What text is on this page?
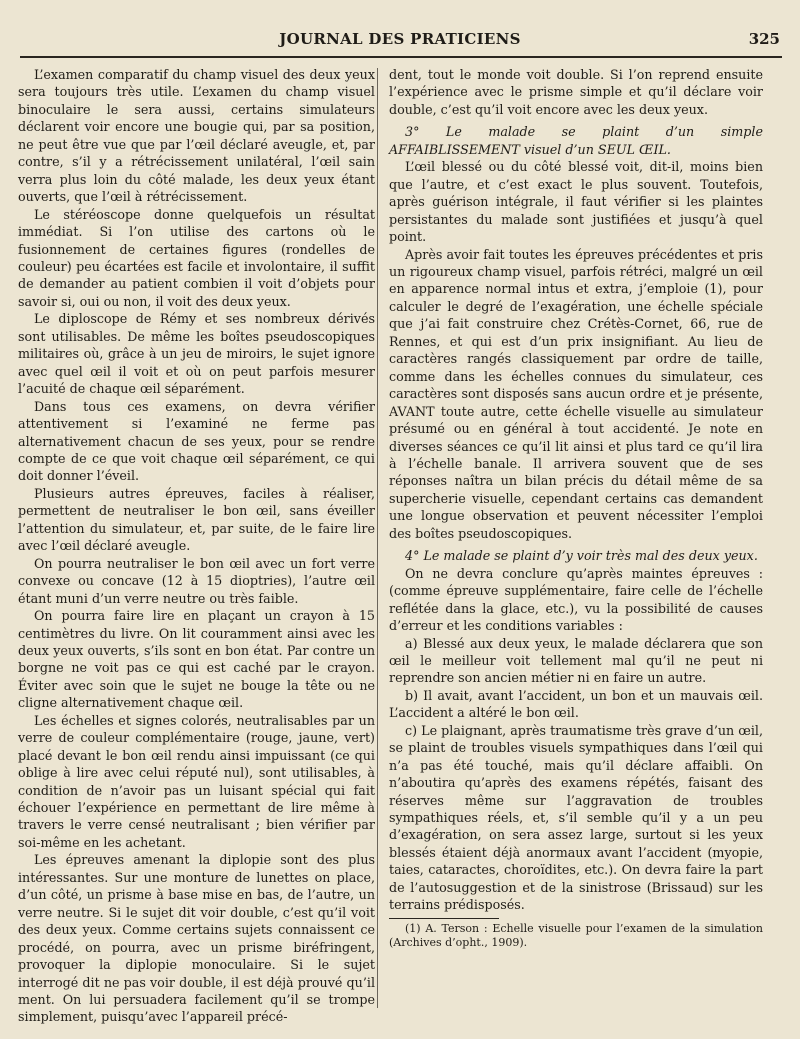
JOURNAL DES PRATICIENS	325

L’examen comparatif du champ visuel des deux yeux sera toujours très utile. L’examen du champ visuel binoculaire le sera aussi, certains simulateurs déclarent voir encore une bougie qui, par sa position, ne peut être vue que par l’œil déclaré aveugle, et, par contre, s’il y a rétrécissement unilatéral, l’œil sain verra plus loin du côté malade, les deux yeux étant ouverts, que l’œil à rétrécissement.

Le stéréoscope donne quelquefois un résultat immédiat. Si l’on utilise des cartons où le fusionnement de certaines figures (rondelles de couleur) peu écartées est facile et involontaire, il suffit de demander au patient combien il voit d’objets pour savoir si, oui ou non, il voit des deux yeux.

Le diploscope de Rémy et ses nombreux dérivés sont utilisables. De même les boîtes pseudoscopiques militaires où, grâce à un jeu de miroirs, le sujet ignore avec quel œil il voit et où on peut parfois mesurer l’acuité de chaque œil séparément.

Dans tous ces examens, on devra vérifier attentivement si l’examiné ne ferme pas alternativement chacun de ses yeux, pour se rendre compte de ce que voit chaque œil séparément, ce qui doit donner l’éveil.

Plusieurs autres épreuves, faciles à réaliser, permettent de neutraliser le bon œil, sans éveiller l’attention du simulateur, et, par suite, de le faire lire avec l’œil déclaré aveugle.

On pourra neutraliser le bon œil avec un fort verre convexe ou concave (12 à 15 dioptries), l’autre œil étant muni d’un verre neutre ou très faible.

On pourra faire lire en plaçant un crayon à 15 centimètres du livre. On lit couramment ainsi avec les deux yeux ouverts, s’ils sont en bon état. Par contre un borgne ne voit pas ce qui est caché par le crayon. Éviter avec soin que le sujet ne bouge la tête ou ne cligne alternativement chaque œil.

Les échelles et signes colorés, neutralisables par un verre de couleur complémentaire (rouge, jaune, vert) placé devant le bon œil rendu ainsi impuissant (ce qui oblige à lire avec celui réputé nul), sont utilisables, à condition de n’avoir pas un luisant spécial qui fait échouer l’expérience en permettant de lire même à travers le verre censé neutralisant ; bien vérifier par soi-même en les achetant.

Les épreuves amenant la diplopie sont des plus intéressantes. Sur une monture de lunettes on place, d’un côté, un prisme à base mise en bas, de l’autre, un verre neutre. Si le sujet dit voir double, c’est qu’il voit des deux yeux. Comme certains sujets connaissent ce procédé, on pourra, avec un prisme biréfringent, provoquer la diplopie monoculaire. Si le sujet interrogé dit ne pas voir double, il est déjà prouvé qu’il ment. On lui persuadera facilement qu’il se trompe simplement, puisqu’avec l’appareil précé-

dent, tout le monde voit double. Si l’on reprend ensuite l’expérience avec le prisme simple et qu’il déclare voir double, c’est qu’il voit encore avec les deux yeux.

3° Le malade se plaint d’un simple AFFAIBLISSEMENT visuel d’un SEUL ŒIL.

L’œil blessé ou du côté blessé voit, dit-il, moins bien que l’autre, et c’est exact le plus souvent. Toutefois, après guérison intégrale, il faut vérifier si les plaintes persistantes du malade sont justifiées et jusqu’à quel point.

Après avoir fait toutes les épreuves précédentes et pris un rigoureux champ visuel, parfois rétréci, malgré un œil en apparence normal intus et extra, j’emploie (1), pour calculer le degré de l’exagération, une échelle spéciale que j’ai fait construire chez Crétès-Cornet, 66, rue de Rennes, et qui est d’un prix insignifiant. Au lieu de caractères rangés classiquement par ordre de taille, comme dans les échelles connues du simulateur, ces caractères sont disposés sans aucun ordre et je présente, AVANT toute autre, cette échelle visuelle au simulateur présumé ou en général à tout accidenté. Je note en diverses séances ce qu’il lit ainsi et plus tard ce qu’il lira à l’échelle banale. Il arrivera souvent que de ses réponses naîtra un bilan précis du détail même de sa supercherie visuelle, cependant certains cas demandent une longue observation et peuvent nécessiter l’emploi des boîtes pseudoscopiques.

4° Le malade se plaint d’y voir très mal des deux yeux.

On ne devra conclure qu’après maintes épreuves : (comme épreuve supplémentaire, faire celle de l’échelle reflétée dans la glace, etc.), vu la possibilité de causes d’erreur et les conditions variables :

a) Blessé aux deux yeux, le malade déclarera que son œil le meilleur voit tellement mal qu’il ne peut ni reprendre son ancien métier ni en faire un autre.

b) Il avait, avant l’accident, un bon et un mauvais œil. L’accident a altéré le bon œil.

c) Le plaignant, après traumatisme très grave d’un œil, se plaint de troubles visuels sympathiques dans l’œil qui n’a pas été touché, mais qu’il déclare affaibli. On n’aboutira qu’après des examens répétés, faisant des réserves même sur l’aggravation de troubles sympathiques réels, et, s’il semble qu’il y a un peu d’exagération, on sera assez large, surtout si les yeux blessés étaient déjà anormaux avant l’accident (myopie, taies, cataractes, choroïdites, etc.). On devra faire la part de l’autosuggestion et de la sinistrose (Brissaud) sur les terrains prédisposés.

(1) A. Terson : Echelle visuelle pour l’examen de la simulation (Archives d’opht., 1909).
